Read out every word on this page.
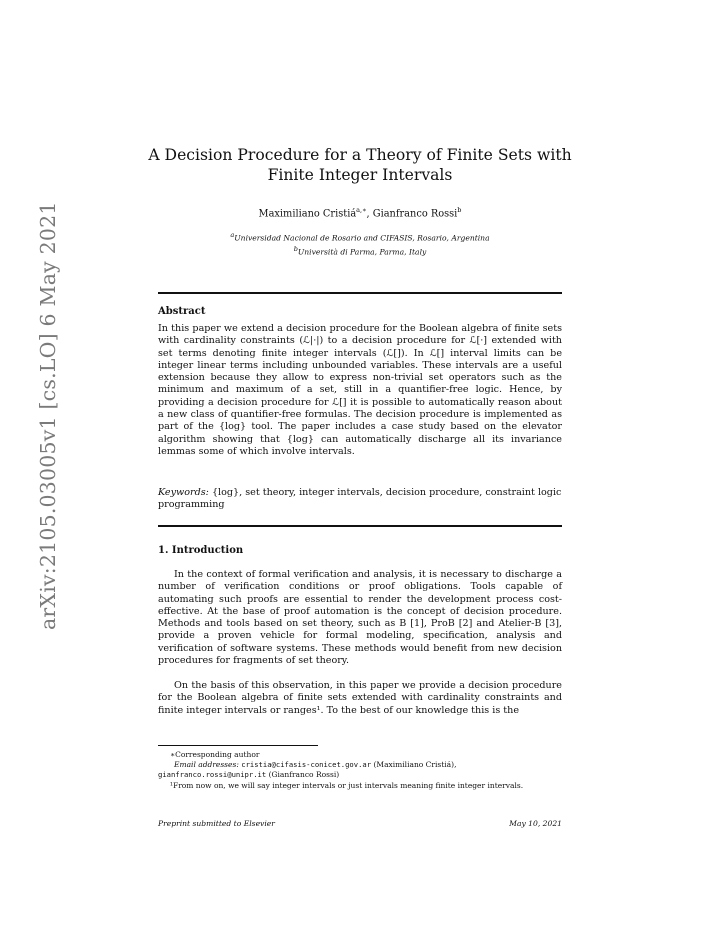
arXiv:2105.03005v1 [cs.LO] 6 May 2021
A Decision Procedure for a Theory of Finite Sets with
Finite Integer Intervals
Maximiliano Cristiá$^{a,∗}$, Gianfranco Rossi$^b$
$^a$Universidad Nacional de Rosario and CIFASIS, Rosario, Argentina
$^b$Università di Parma, Parma, Italy
Abstract

In this paper we extend a decision procedure for the Boolean algebra of finite sets with cardinality constraints (ℒ|·|) to a decision procedure for ℒ[·] extended with set terms denoting finite integer intervals (ℒ[]). In ℒ[] interval limits can be integer linear terms including unbounded variables. These intervals are a useful extension because they allow to express non-trivial set operators such as the minimum and maximum of a set, still in a quantifier-free logic. Hence, by providing a decision procedure for ℒ[] it is possible to automatically reason about a new class of quantifier-free formulas. The decision procedure is implemented as part of the {log} tool. The paper includes a case study based on the elevator algorithm showing that {log} can automatically discharge all its invariance lemmas some of which involve intervals.

Keywords: {log}, set theory, integer intervals, decision procedure, constraint logic programming

1. Introduction

In the context of formal verification and analysis, it is necessary to discharge a number of verification conditions or proof obligations. Tools capable of automating such proofs are essential to render the development process cost-effective. At the base of proof automation is the concept of decision procedure. Methods and tools based on set theory, such as B [1], ProB [2] and Atelier-B [3], provide a proven vehicle for formal modeling, specification, analysis and verification of software systems. These methods would benefit from new decision procedures for fragments of set theory.

On the basis of this observation, in this paper we provide a decision procedure for the Boolean algebra of finite sets extended with cardinality constraints and finite integer intervals or ranges¹. To the best of our knowledge this is the

∗Corresponding author
Email addresses: cristia@cifasis-conicet.gov.ar (Maximiliano Cristiá),
gianfranco.rossi@unipr.it (Gianfranco Rossi)
¹From now on, we will say integer intervals or just intervals meaning finite integer intervals.
Preprint submitted to Elsevier	May 10, 2021
